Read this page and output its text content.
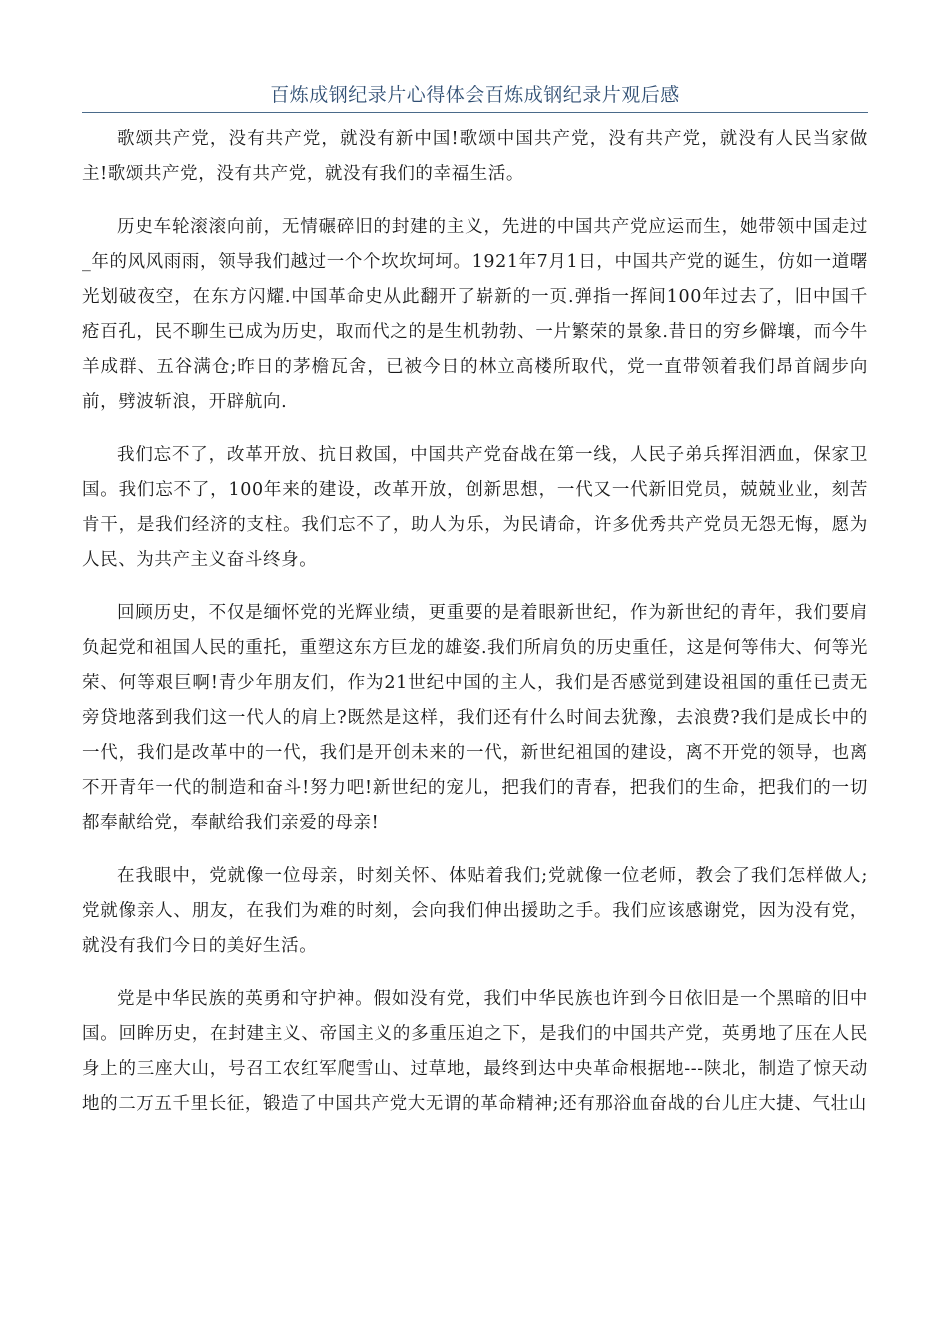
百炼成钢纪录片心得体会百炼成钢纪录片观后感

歌颂共产党，没有共产党，就没有新中国!歌颂中国共产党，没有共产党，就没有人民当家做主!歌颂共产党，没有共产党，就没有我们的幸福生活。

历史车轮滚滚向前，无情碾碎旧的封建的主义，先进的中国共产党应运而生，她带领中国走过_年的风风雨雨，领导我们越过一个个坎坎坷坷。1921年7月1日，中国共产党的诞生，仿如一道曙光划破夜空，在东方闪耀.中国革命史从此翻开了崭新的一页.弹指一挥间100年过去了，旧中国千疮百孔，民不聊生已成为历史，取而代之的是生机勃勃、一片繁荣的景象.昔日的穷乡僻壤，而今牛羊成群、五谷满仓;昨日的茅檐瓦舍，已被今日的林立高楼所取代，党一直带领着我们昂首阔步向前，劈波斩浪，开辟航向.

我们忘不了，改革开放、抗日救国，中国共产党奋战在第一线，人民子弟兵挥泪洒血，保家卫国。我们忘不了，100年来的建设，改革开放，创新思想，一代又一代新旧党员，兢兢业业，刻苦肯干，是我们经济的支柱。我们忘不了，助人为乐，为民请命，许多优秀共产党员无怨无悔，愿为人民、为共产主义奋斗终身。

回顾历史，不仅是缅怀党的光辉业绩，更重要的是着眼新世纪，作为新世纪的青年，我们要肩负起党和祖国人民的重托，重塑这东方巨龙的雄姿.我们所肩负的历史重任，这是何等伟大、何等光荣、何等艰巨啊!青少年朋友们，作为21世纪中国的主人，我们是否感觉到建设祖国的重任已责无旁贷地落到我们这一代人的肩上?既然是这样，我们还有什么时间去犹豫，去浪费?我们是成长中的一代，我们是改革中的一代，我们是开创未来的一代，新世纪祖国的建设，离不开党的领导，也离不开青年一代的制造和奋斗!努力吧!新世纪的宠儿，把我们的青春，把我们的生命，把我们的一切都奉献给党，奉献给我们亲爱的母亲!

在我眼中，党就像一位母亲，时刻关怀、体贴着我们;党就像一位老师，教会了我们怎样做人;党就像亲人、朋友，在我们为难的时刻，会向我们伸出援助之手。我们应该感谢党，因为没有党，就没有我们今日的美好生活。

党是中华民族的英勇和守护神。假如没有党，我们中华民族也许到今日依旧是一个黑暗的旧中国。回眸历史，在封建主义、帝国主义的多重压迫之下，是我们的中国共产党，英勇地了压在人民身上的三座大山，号召工农红军爬雪山、过草地，最终到达中央革命根据地---陕北，制造了惊天动地的二万五千里长征，锻造了中国共产党大无谓的革命精神;还有那浴血奋战的台儿庄大捷、气壮山
